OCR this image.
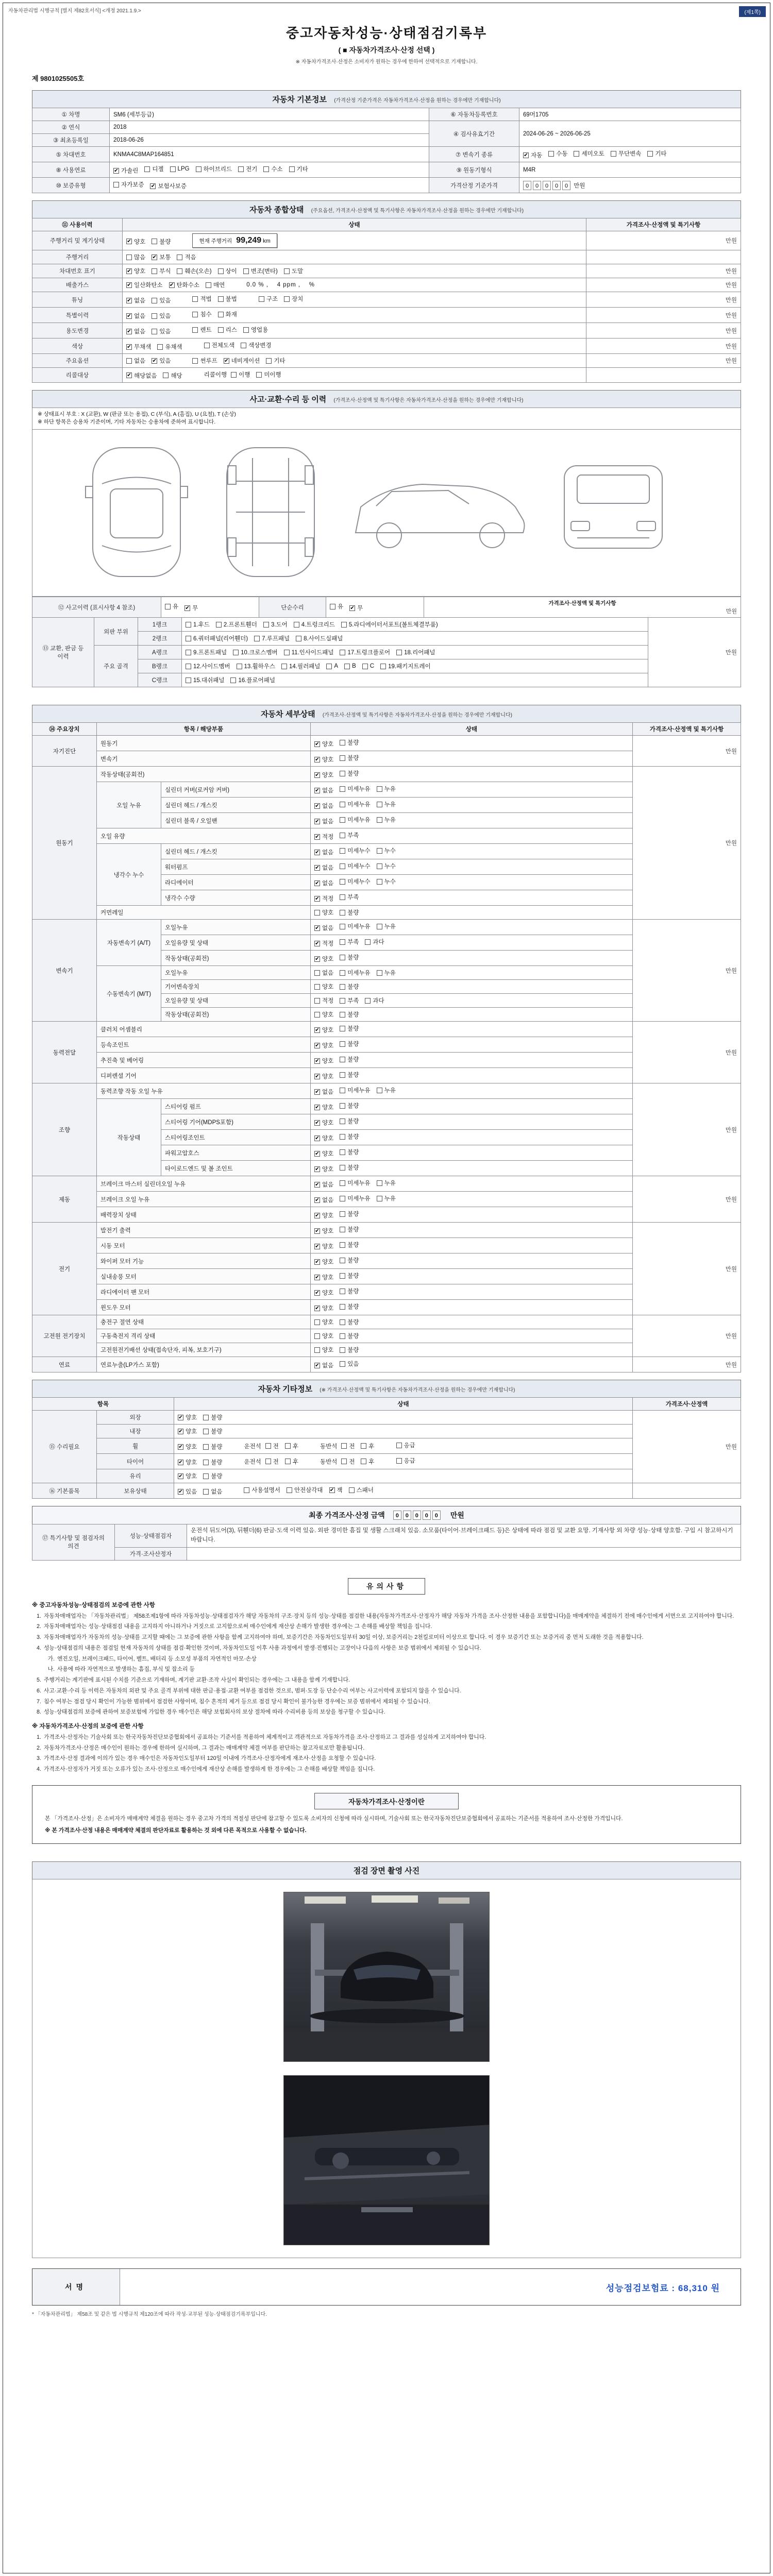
자동차관리법 시행규칙 [별지 제82호서식] <개정 2021.1.9.>	(제1쪽)
중고자동차성능·상태점검기록부
( ■ 자동차가격조사·산정 선택 )
※ 자동차가격조사·산정은 소비자가 원하는 경우에 한하여 선택적으로 기재합니다.
제 9801025505호
자동차 기본정보 (가격산정 기준가격은 자동차가격조사·산정을 원하는 경우에만 기재합니다)
① 차명	SM6 (세부등급)	⑥ 자동차등록번호	69머1705
② 연식	2018	④ 검사유효기간	2024-06-26 ~ 2026-06-25
③ 최초등록일	2018-06-26		
⑤ 차대번호	KNMA4C8MAP164851	⑦ 변속기 종류	✔ 자동 수동 세미오토 무단변속 기타

⑧ 사용연료	✔ 가솔린 디젤 LPG 하이브리드 전기 수소 기타	⑨ 원동기형식	M4R
⑩ 보증유형	자가보증 ✔ 보험사보증	가격산정 기준가격	0 0 0 0 0 만원
자동차 종합상태 (주요옵션, 가격조사·산정액 및 특기사항은 자동차가격조사·산정을 원하는 경우에만 기재합니다)
⑪ 사용이력	상태	가격조사·산정액 및 특기사항
주행거리 및 계기상태	✔ 양호 불량	현재 주행거리 99,249 km	만원
주행거리	많음 ✔ 보통 적음	

차대번호 표기	✔ 양호 부식 훼손(오손) 상이 변조(변타) 도말	만원
배출가스	✔ 일산화탄소 ✔ 탄화수소 매연	0.0 % ,  4 ppm ,  %	만원
튜닝	✔ 없음 있음	적법 불법	구조 장치	만원
특별이력	✔ 없음 있음 침수 화재	만원
용도변경	✔ 없음 있음	렌트 리스 영업용	만원
색상	✔ 무채색 유채색 전체도색 색상변경	만원
주요옵션	없음 ✔ 있음	썬루프 ✔ 네비게이션 기타	만원
리콜대상	✔ 해당없음 해당	리콜이행 이행 미이행

사고·교환·수리 등 이력 (가격조사·산정액 및 특기사항은 자동차가격조사·산정을 원하는 경우에만 기재합니다)
※ 상태표시 부호 : X (교환), W (판금 또는 용접), C (부식), A (흠집), U (요철), T (손상)
※ 하단 항목은 승용차 기준이며, 기타 자동차는 승용차에 준하여 표시합니다.
⑫ 사고이력 (표시사항 4 참조)	유 ✔ 무	단순수리	유 ✔ 무

가격조사·산정액 및 특기사항
만원
⑬ 교환, 판금 등 이력	외판 부위	1랭크	1.후드 2.프론트휀더 3.도어 4.트렁크리드 5.라디에이터서포트(볼트체결부품)	만원
		2랭크	6.쿼터패널(리어휀더) 7.루프패널 8.사이드실패널	

	주요 골격	A랭크	9.프론트패널 10.크로스멤버 11.인사이드패널 17.트렁크플로어 18.리어패널	

B랭크	12.사이드멤버 13.휠하우스 14.필러패널 A B C 19.패키지트레이

		C랭크	15.대쉬패널 16.플로어패널	
자동차 세부상태 (가격조사·산정액 및 특기사항은 자동차가격조사·산정을 원하는 경우에만 기재합니다)
⑭ 주요장치	항목 / 해당부품		상태	가격조사·산정액 및 특기사항
자기진단	원동기		✔ 양호 불량	만원
	변속기		✔ 양호 불량	

원동기	작동상태(공회전)		✔ 양호 불량	만원
	오일 누유	실린더 커버(로커암 커버)	✔ 없음 미세누유 누유	

		실린더 헤드 / 개스킷	✔ 없음 미세누유 누유	

		실린더 블록 / 오일팬	✔ 없음 미세누유 누유	

	오일 유량		✔ 적정 부족	

	냉각수 누수	실린더 헤드 / 개스킷	✔ 없음 미세누수 누수	

		워터펌프	✔ 없음 미세누수 누수	

		라디에이터	✔ 없음 미세누수 누수	

		냉각수 수량	✔ 적정 부족	

	커먼레일		양호 불량	

변속기	자동변속기 (A/T)	오일누유	✔ 없음 미세누유 누유	만원
		오일유량 및 상태	✔ 적정 부족 과다	

		작동상태(공회전)	✔ 양호 불량	

	수동변속기 (M/T)	오일누유	없음 미세누유 누유	

		기어변속장치	양호 불량	

		오일유량 및 상태	적정 부족 과다	

		작동상태(공회전)	양호 불량	

동력전달	클러치 어셈블리		✔ 양호 불량	만원
	등속조인트		✔ 양호 불량	

	추진축 및 베어링		✔ 양호 불량	

	디퍼렌셜 기어		✔ 양호 불량	

조향	동력조향 작동 오일 누유		✔ 없음 미세누유 누유	만원
	작동상태	스티어링 펌프	✔ 양호 불량	

		스티어링 기어(MDPS포함)	✔ 양호 불량	

		스티어링조인트	✔ 양호 불량	

		파워고압호스	✔ 양호 불량	

		타이로드엔드 및 볼 조인트	✔ 양호 불량	

제동	브레이크 마스터 실린더오일 누유		✔ 없음 미세누유 누유	만원
	브레이크 오일 누유		✔ 없음 미세누유 누유	

	배력장치 상태		✔ 양호 불량	

전기	발전기 출력		✔ 양호 불량	만원
	시동 모터		✔ 양호 불량	

	와이퍼 모터 기능		✔ 양호 불량	

	실내송풍 모터		✔ 양호 불량	

	라디에이터 팬 모터		✔ 양호 불량	

	윈도우 모터		✔ 양호 불량	

고전원 전기장치	충전구 절연 상태		양호 불량	만원
	구동축전지 격리 상태		양호 불량	

	고전원전기배선 상태(접속단자, 피복, 보호기구)		양호 불량	

연료	연료누출(LP가스 포함)		✔ 없음 있음	만원
자동차 기타정보 (※ 가격조사·산정액 및 특기사항은 자동차가격조사·산정을 원하는 경우에만 기재합니다)
항목		상태	가격조사·산정액
⑮ 수리필요	외장	✔ 양호 불량	만원
	내장	✔ 양호 불량	

휠	✔ 양호 불량	운전석 전 후	동반석 전 후	응급

타이어	✔ 양호 불량	운전석 전 후	동반석 전 후	응급

	유리	✔ 양호 불량	

⑯ 기본품목	보유상태	✔ 있음 없음	사용설명서 안전삼각대 ✔ 잭 스패너

최종 가격조사·산정 금액	0 0 0 0 0	만원
⑰ 특기사항 및 점검자의 의견	성능·상태점검자	운전석 뒤도어(3), 뒤휀더(6) 판금·도색 이력 있음. 외판 경미한 흠집 및 생활 스크래치 있음. 소모품(타이어·브레이크패드 등)은 상태에 따라 점검 및 교환 요망. 기재사항 외 차량 성능·상태 양호함. 구입 시 참고하시기 바랍니다.
	가격·조사산정자	
유의사항
※ 중고자동차성능·상태점검의 보증에 관한 사항
1. 자동차매매업자는 「자동차관리법」 제58조제1항에 따라 자동차성능·상태점검자가 해당 자동차의 구조·장치 등의 성능·상태를 점검한 내용(자동차가격조사·산정자가 해당 자동차 가격을 조사·산정한 내용을 포함합니다)을 매매계약을 체결하기 전에 매수인에게 서면으로 고지하여야 합니다.
2. 자동차매매업자는 성능·상태점검 내용을 고지하지 아니하거나 거짓으로 고지함으로써 매수인에게 재산상 손해가 발생한 경우에는 그 손해를 배상할 책임을 집니다.
3. 자동차매매업자가 자동차의 성능·상태를 고지할 때에는 그 보증에 관한 사항을 함께 고지하여야 하며, 보증기간은 자동차인도일부터 30일 이상, 보증거리는 2천킬로미터 이상으로 합니다. 이 경우 보증기간 또는 보증거리 중 먼저 도래한 것을 적용합니다.
4. 성능·상태점검의 내용은 점검일 현재 자동차의 상태를 점검·확인한 것이며, 자동차인도일 이후 사용 과정에서 발생·진행되는 고장이나 다음의 사항은 보증 범위에서 제외될 수 있습니다.
가. 엔진오일, 브레이크패드, 타이어, 벨트, 배터리 등 소모성 부품의 자연적인 마모·손상
나. 사용에 따라 자연적으로 발생하는 흠집, 부식 및 잡소리 등
5. 주행거리는 계기판에 표시된 수치를 기준으로 기재하며, 계기판 교환·조작 사실이 확인되는 경우에는 그 내용을 함께 기재합니다.
6. 사고·교환·수리 등 이력은 자동차의 외판 및 주요 골격 부위에 대한 판금·용접·교환 여부를 점검한 것으로, 범퍼·도장 등 단순수리 여부는 사고이력에 포함되지 않을 수 있습니다.
7. 침수 여부는 점검 당시 확인이 가능한 범위에서 점검한 사항이며, 침수 흔적의 제거 등으로 점검 당시 확인이 불가능한 경우에는 보증 범위에서 제외될 수 있습니다.
8. 성능·상태점검의 보증에 관하여 보증보험에 가입한 경우 매수인은 해당 보험회사의 보상 절차에 따라 수리비용 등의 보상을 청구할 수 있습니다.
※ 자동차가격조사·산정의 보증에 관한 사항
1. 가격조사·산정자는 기술사회 또는 한국자동차진단보증협회에서 공표하는 기준서를 적용하여 체계적이고 객관적으로 자동차가격을 조사·산정하고 그 결과를 성실하게 고지하여야 합니다.
2. 자동차가격조사·산정은 매수인이 원하는 경우에 한하여 실시하며, 그 결과는 매매계약 체결 여부를 판단하는 참고자료로만 활용됩니다.
3. 가격조사·산정 결과에 이의가 있는 경우 매수인은 자동차인도일부터 120일 이내에 가격조사·산정자에게 재조사·산정을 요청할 수 있습니다.
4. 가격조사·산정자가 거짓 또는 오류가 있는 조사·산정으로 매수인에게 재산상 손해를 발생하게 한 경우에는 그 손해를 배상할 책임을 집니다.
자동차가격조사·산정이란
본 「가격조사·산정」은 소비자가 매매계약 체결을 원하는 경우 중고차 가격의 적절성 판단에 참고할 수 있도록 소비자의 신청에 따라 실시하며, 기술사회 또는 한국자동차진단보증협회에서 공표하는 기준서를 적용하여 조사·산정한 가격입니다.
※ 본 가격조사·산정 내용은 매매계약 체결의 판단자료로 활용하는 것 외에 다른 목적으로 사용할 수 없습니다.
점검 장면 촬영 사진
서명	성능점검보험료 : 68,310 원
* 「자동차관리법」 제58조 및 같은 법 시행규칙 제120조에 따라 작성·교부된 성능·상태점검기록부입니다.
